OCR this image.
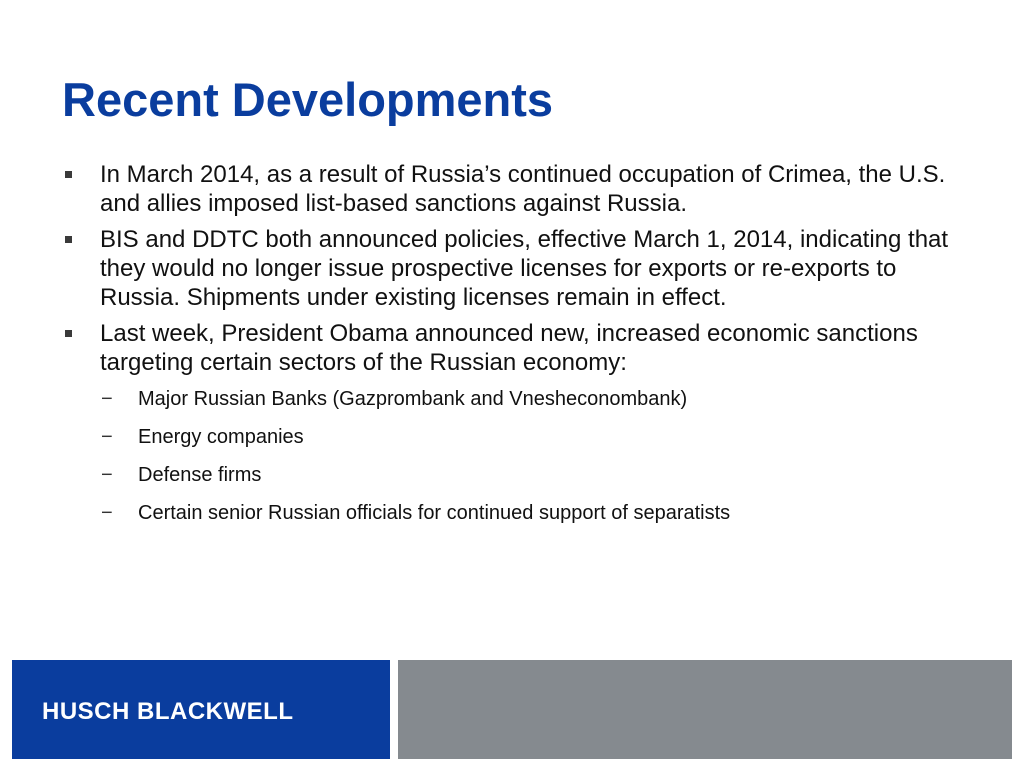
Recent Developments
In March 2014, as a result of Russia’s continued occupation of Crimea, the U.S. and allies imposed list-based sanctions against Russia.
BIS and DDTC both announced policies, effective March 1, 2014, indicating that they would no longer issue prospective licenses for exports or re-exports to Russia. Shipments under existing licenses remain in effect.
Last week, President Obama announced new, increased economic sanctions targeting certain sectors of the Russian economy:
− Major Russian Banks (Gazprombank and Vnesheconombank)
− Energy companies
− Defense firms
− Certain senior Russian officials for continued support of separatists
HUSCH BLACKWELL
